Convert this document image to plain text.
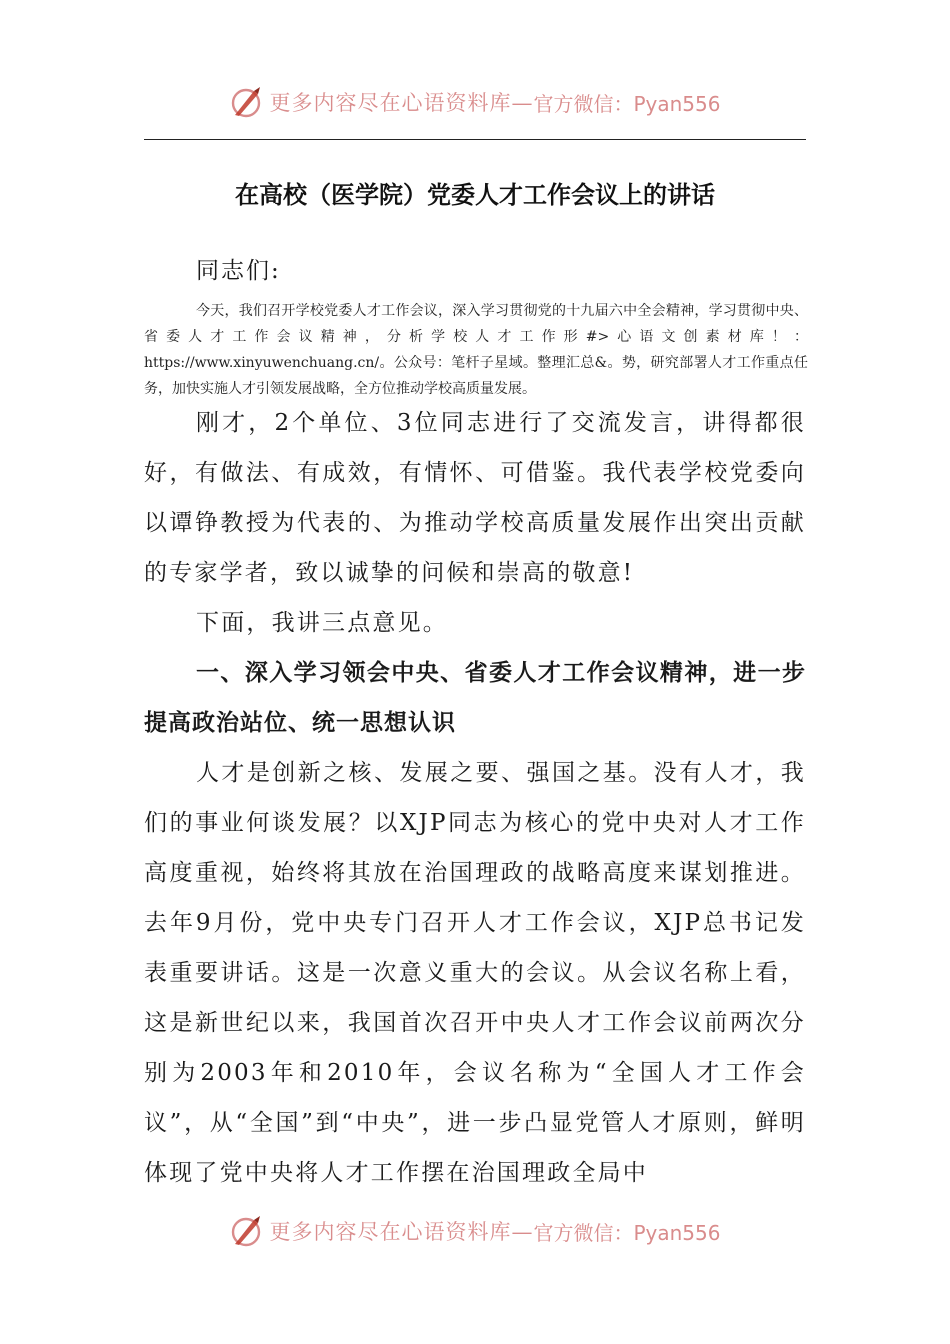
更多内容尽在心语资料库— 官方微信：Pyan556
在高校（医学院）党委人才工作会议上的讲话
同志们:
今天，我们召开学校党委人才工作会议，深入学习贯彻党的十九届六中全会精神，学习贯彻中央、省委人才工作会议精神，分析学校人才工作形#>心语文创素材库！：https://www.xinyuwenchuang.cn/。公众号：笔杆子星域。整理汇总&。势，研究部署人才工作重点任务，加快实施人才引领发展战略，全方位推动学校高质量发展。

刚才，2个单位、3位同志进行了交流发言，讲得都很好，有做法、有成效，有情怀、可借鉴。我代表学校党委向以谭铮教授为代表的、为推动学校高质量发展作出突出贡献的专家学者，致以诚挚的问候和崇高的敬意!

下面，我讲三点意见。

一、深入学习领会中央、省委人才工作会议精神，进一步提高政治站位、统一思想认识

人才是创新之核、发展之要、强国之基。没有人才，我们的事业何谈发展？以XJP同志为核心的党中央对人才工作高度重视，始终将其放在治国理政的战略高度来谋划推进。去年9月份，党中央专门召开人才工作会议，XJP总书记发表重要讲话。这是一次意义重大的会议。从会议名称上看，这是新世纪以来，我国首次召开中央人才工作会议前两次分别为2003年和2010年，会议名称为“全国人才工作会议”，从“全国”到“中央”，进一步凸显党管人才原则，鲜明体现了党中央将人才工作摆在治国理政全局中

更多内容尽在心语资料库— 官方微信：Pyan556
